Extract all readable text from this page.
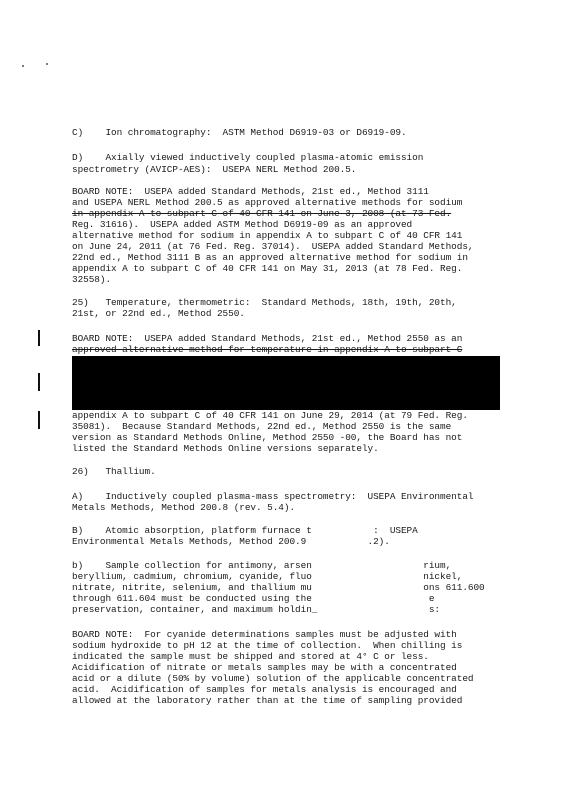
C)    Ion chromatography:  ASTM Method D6919-03 or D6919-09.
D)    Axially viewed inductively coupled plasma-atomic emission
spectrometry (AVICP-AES):  USEPA NERL Method 200.5.
BOARD NOTE:  USEPA added Standard Methods, 21st ed., Method 3111
and USEPA NERL Method 200.5 as approved alternative methods for sodium
in appendix A to subpart C of 40 CFR 141 on June 3, 2008 (at 73 Fed.
Reg. 31616).  USEPA added ASTM Method D6919-09 as an approved
alternative method for sodium in appendix A to subpart C of 40 CFR 141
on June 24, 2011 (at 76 Fed. Reg. 37014).  USEPA added Standard Methods,
22nd ed., Method 3111 B as an approved alternative method for sodium in
appendix A to subpart C of 40 CFR 141 on May 31, 2013 (at 78 Fed. Reg.
32558).
25)   Temperature, thermometric:  Standard Methods, 18th, 19th, 20th,
21st, or 22nd ed., Method 2550.
BOARD NOTE:  USEPA added Standard Methods, 21st ed., Method 2550 as an
approved alternative method for temperature in appendix A to subpart C
appendix A to subpart C of 40 CFR 141 on June 29, 2014 (at 79 Fed. Reg.
35081).  Because Standard Methods, 22nd ed., Method 2550 is the same
version as Standard Methods Online, Method 2550 -00, the Board has not
listed the Standard Methods Online versions separately.
26)   Thallium.
A)    Inductively coupled plasma-mass spectrometry:  USEPA Environmental
Metals Methods, Method 200.8 (rev. 5.4).
B)    Atomic absorption, platform furnace t           :  USEPA
Environmental Metals Methods, Method 200.9           .2).
b)    Sample collection for antimony, arsen                    rium,
beryllium, cadmium, chromium, cyanide, fluo                    nickel,
nitrate, nitrite, selenium, and thallium mu                    ons 611.600
through 611.604 must be conducted using the                     e
preservation, container, and maximum holdin_                    s:
BOARD NOTE:  For cyanide determinations samples must be adjusted with
sodium hydroxide to pH 12 at the time of collection.  When chilling is
indicated the sample must be shipped and stored at 4° C or less.
Acidification of nitrate or metals samples may be with a concentrated
acid or a dilute (50% by volume) solution of the applicable concentrated
acid.  Acidification of samples for metals analysis is encouraged and
allowed at the laboratory rather than at the time of sampling provided
